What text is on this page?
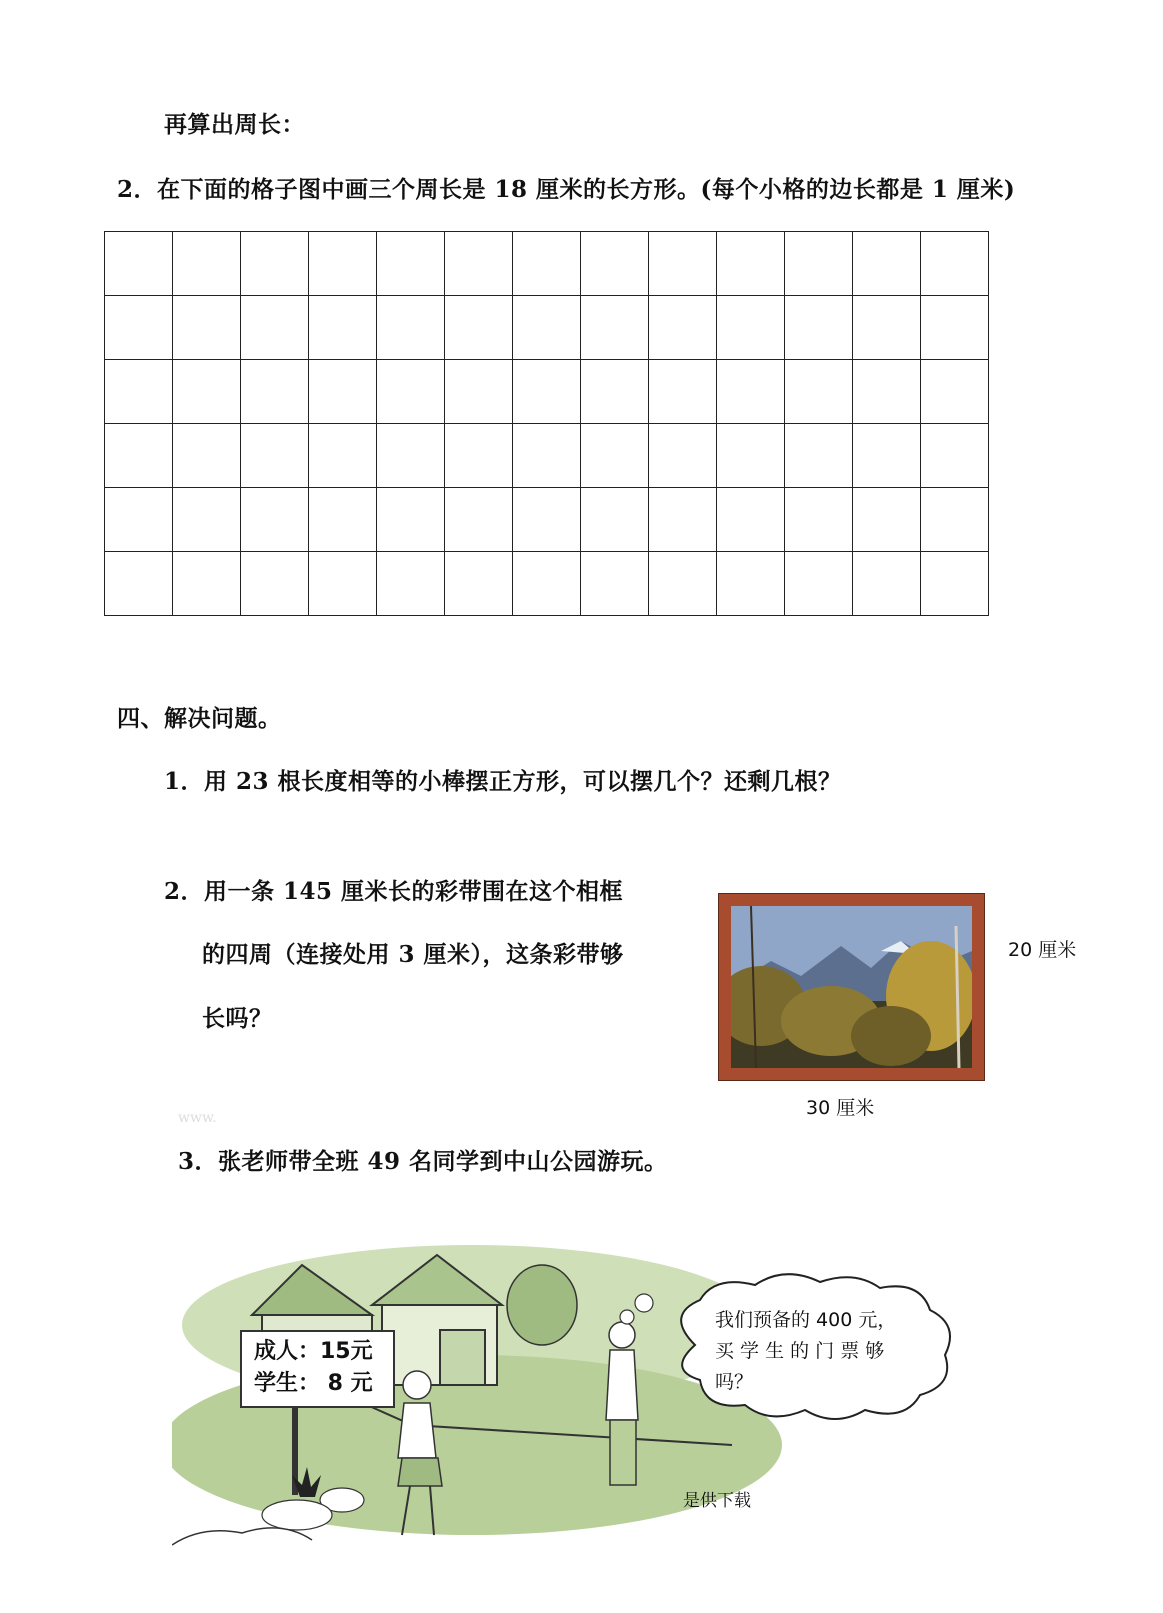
再算出周长：
2．在下面的格子图中画三个周长是 18 厘米的长方形。(每个小格的边长都是 1 厘米)

四、解决问题。
1．用 23 根长度相等的小棒摆正方形，可以摆几个？还剩几根？
2．用一条 145 厘米长的彩带围在这个相框
的四周（连接处用 3 厘米），这条彩带够
长吗？
20 厘米
30 厘米
www.
3．张老师带全班 49 名同学到中山公园游玩。
成人：15元
学生： 8 元
我们预备的 400 元，
买 学 生 的 门 票 够
吗？
是供下载
